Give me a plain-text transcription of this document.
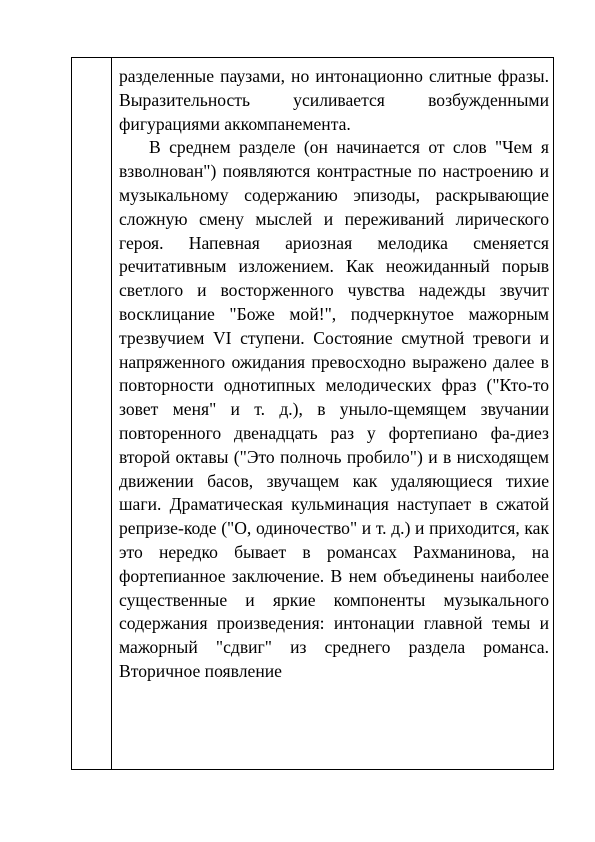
разделенные паузами, но интонационно слитные фразы. Выразительность усиливается возбужденными фигурациями аккомпанемента.

В среднем разделе (он начинается от слов "Чем я взволнован") появляются контрастные по настроению и музыкальному содержанию эпизоды, раскрывающие сложную смену мыслей и переживаний лирического героя. Напевная ариозная мелодика сменяется речитативным изложением. Как неожиданный порыв светлого и восторженного чувства надежды звучит восклицание "Боже мой!", подчеркнутое мажорным трезвучием VI ступени. Состояние смутной тревоги и напряженного ожидания превосходно выражено далее в повторности однотипных мелодических фраз ("Кто-то зовет меня" и т. д.), в уныло-щемящем звучании повторенного двенадцать раз у фортепиано фа-диез второй октавы ("Это полночь пробило") и в нисходящем движении басов, звучащем как удаляющиеся тихие шаги. Драматическая кульминация наступает в сжатой репризе-коде ("О, одиночество" и т. д.) и приходится, как это нередко бывает в романсах Рахманинова, на фортепианное заключение. В нем объединены наиболее существенные и яркие компоненты музыкального содержания произведения: интонации главной темы и мажорный "сдвиг" из среднего раздела романса. Вторичное появление
